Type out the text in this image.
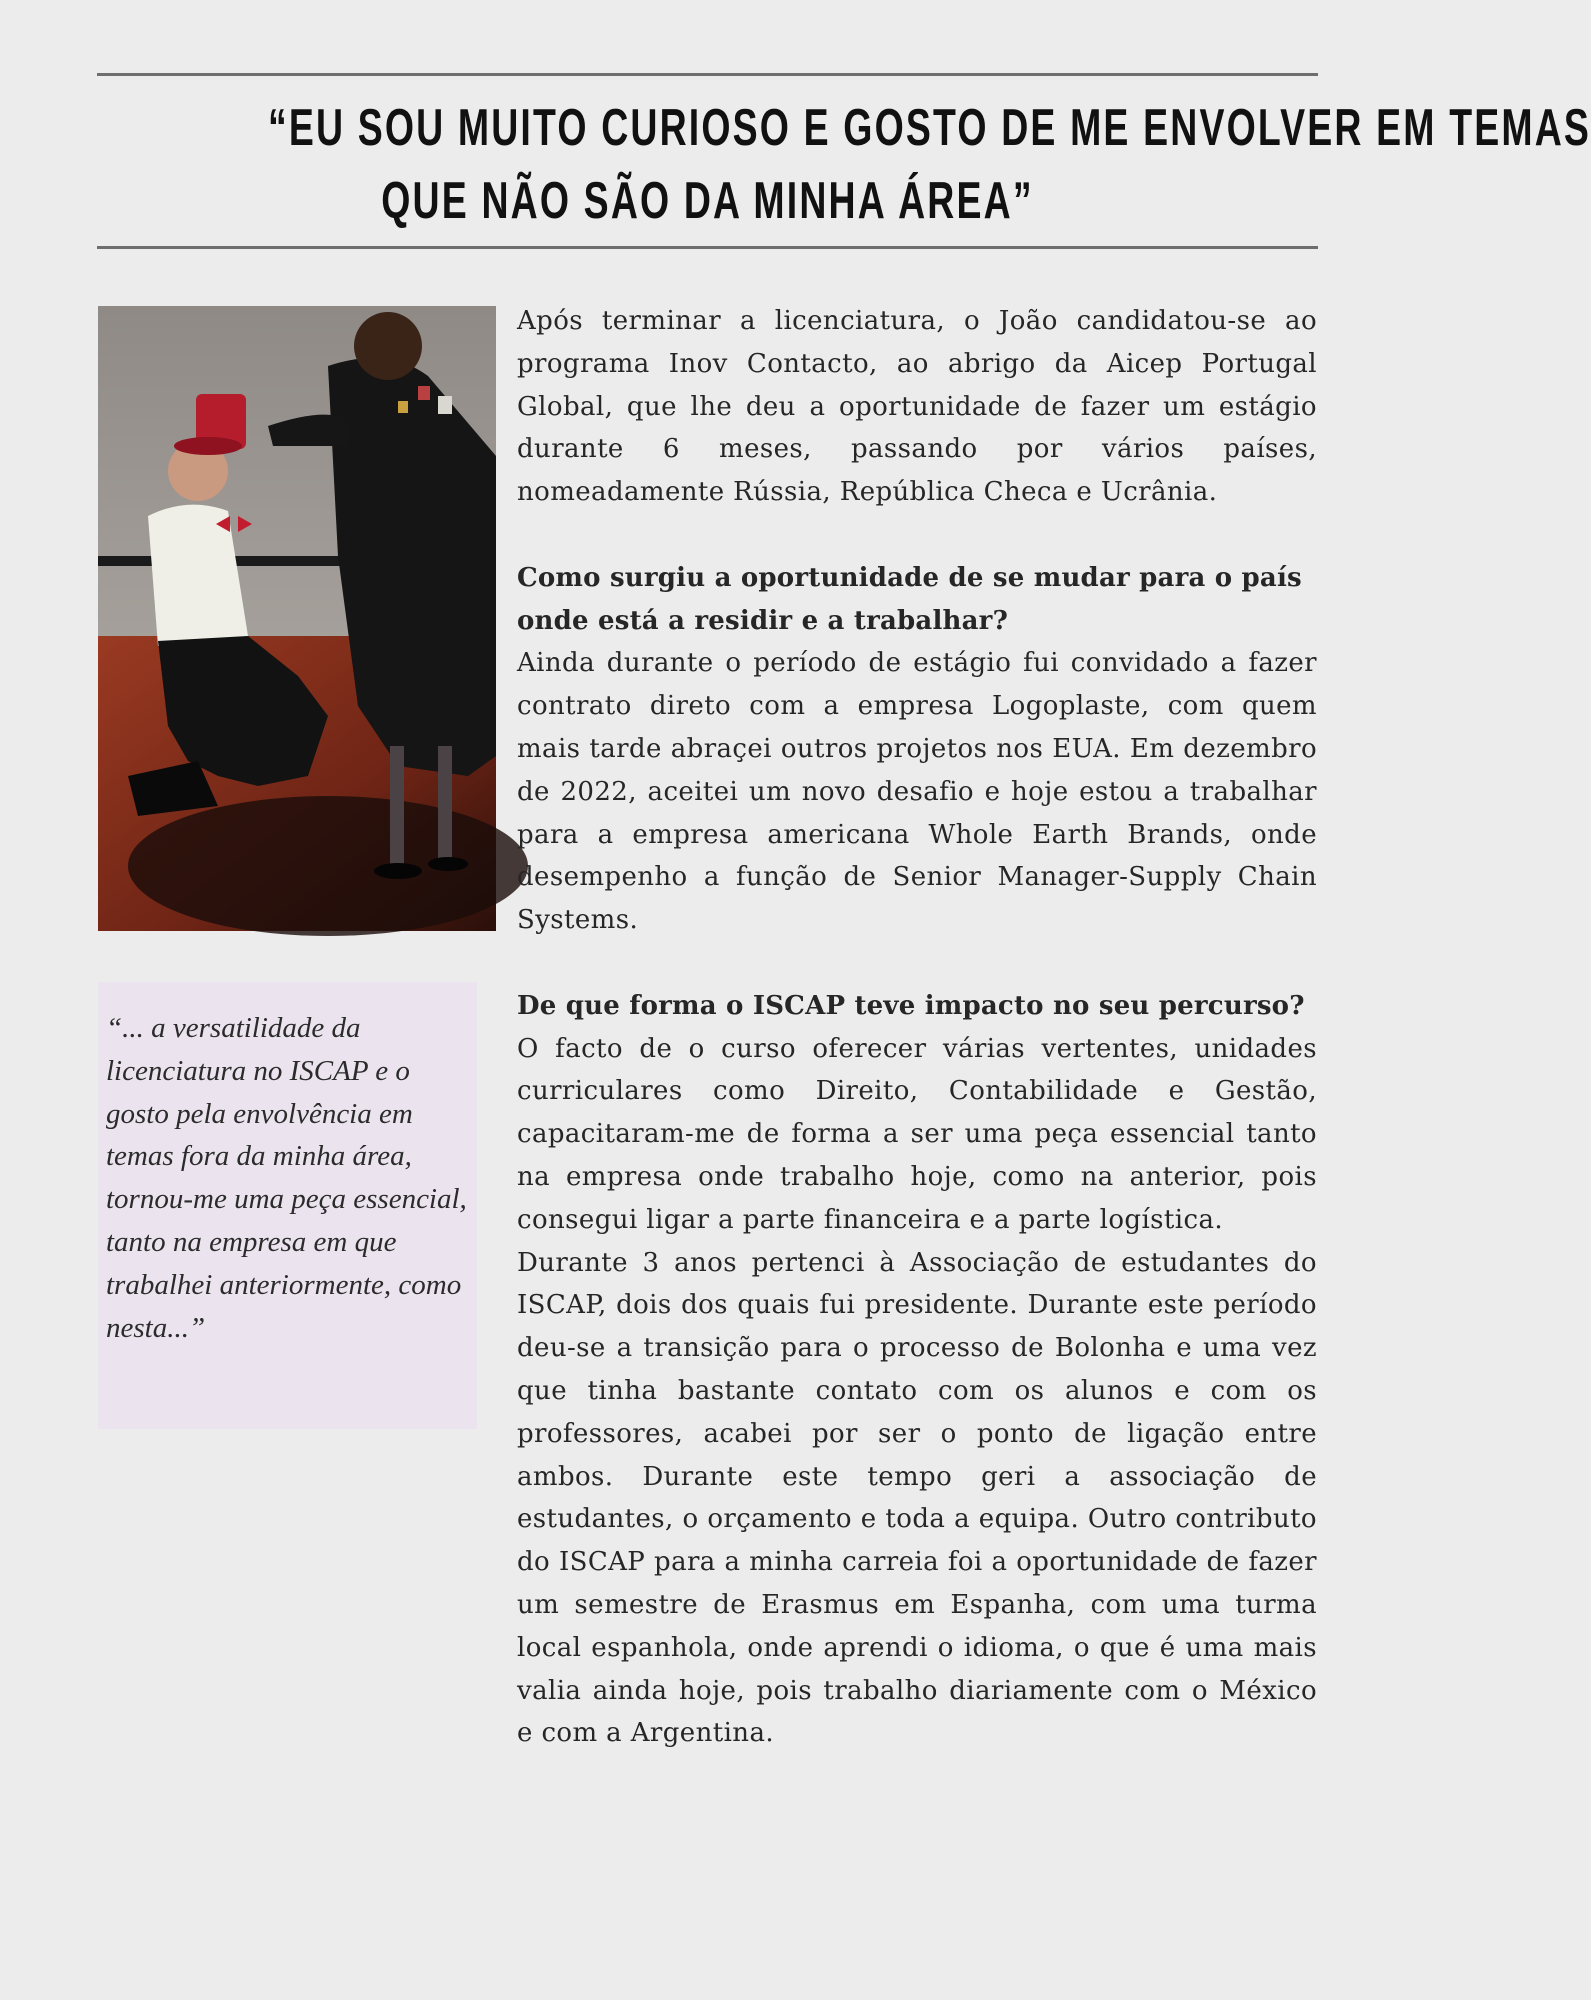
“EU SOU MUITO CURIOSO E GOSTO DE ME ENVOLVER EM TEMAS
QUE NÃO SÃO DA MINHA ÁREA”
“... a versatilidade da licenciatura no ISCAP e o gosto pela envolvência em temas fora da minha área, tornou-me uma peça essencial, tanto na empresa em que trabalhei anteriormente, como nesta...”

Após terminar a licenciatura, o João candidatou-se ao programa Inov Contacto, ao abrigo da Aicep Portugal Global, que lhe deu a oportunidade de fazer um estágio durante 6 meses, passando por vários países, nomeadamente Rússia, República Checa e Ucrânia.

Como surgiu a oportunidade de se mudar para o país onde está a residir e a trabalhar?

Ainda durante o período de estágio fui convidado a fazer contrato direto com a empresa Logoplaste, com quem mais tarde abraçei outros projetos nos EUA. Em dezembro de 2022, aceitei um novo desafio e hoje estou a trabalhar para a empresa americana Whole Earth Brands, onde desempenho a função de Senior Manager-Supply Chain Systems.

De que forma o ISCAP teve impacto no seu percurso?

O facto de o curso oferecer várias vertentes, unidades curriculares como Direito, Contabilidade e Gestão, capacitaram-me de forma a ser uma peça essencial tanto na empresa onde trabalho hoje, como na anterior, pois consegui ligar a parte financeira e a parte logística.

Durante 3 anos pertenci à Associação de estudantes do ISCAP, dois dos quais fui presidente. Durante este período deu-se a transição para o processo de Bolonha e uma vez que tinha bastante contato com os alunos e com os professores, acabei por ser o ponto de ligação entre ambos. Durante este tempo geri a associação de estudantes, o orçamento e toda a equipa. Outro contributo do ISCAP para a minha carreia foi a oportunidade de fazer um semestre de Erasmus em Espanha, com uma turma local espanhola, onde aprendi o idioma, o que é uma mais valia ainda hoje, pois trabalho diariamente com o México e com a Argentina.
